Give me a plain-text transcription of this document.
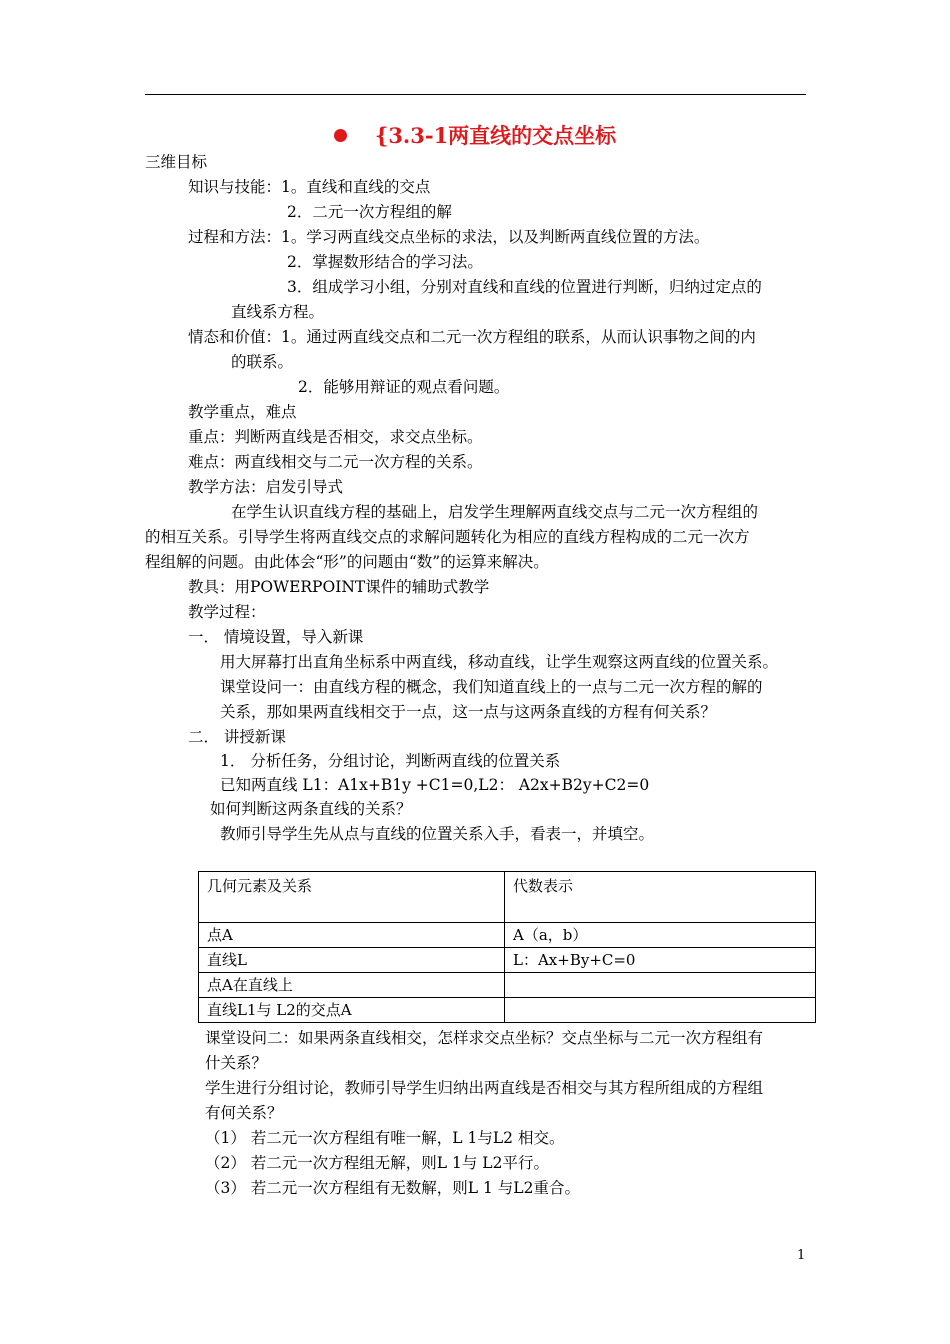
{3.3-1两直线的交点坐标
三维目标
知识与技能：1。直线和直线的交点
2．二元一次方程组的解
过程和方法：1。学习两直线交点坐标的求法，以及判断两直线位置的方法。
2．掌握数形结合的学习法。
3．组成学习小组，分别对直线和直线的位置进行判断，归纳过定点的
直线系方程。
情态和价值：1。通过两直线交点和二元一次方程组的联系，从而认识事物之间的内
的联系。
2．能够用辩证的观点看问题。
教学重点，难点
重点：判断两直线是否相交，求交点坐标。
难点：两直线相交与二元一次方程的关系。
教学方法：启发引导式
在学生认识直线方程的基础上，启发学生理解两直线交点与二元一次方程组的
的相互关系。引导学生将两直线交点的求解问题转化为相应的直线方程构成的二元一次方
程组解的问题。由此体会“形”的问题由“数”的运算来解决。
教具：用POWERPOINT课件的辅助式教学
教学过程：
一． 情境设置，导入新课
用大屏幕打出直角坐标系中两直线，移动直线，让学生观察这两直线的位置关系。
课堂设问一：由直线方程的概念，我们知道直线上的一点与二元一次方程的解的
关系，那如果两直线相交于一点，这一点与这两条直线的方程有何关系？
二． 讲授新课
1． 分析任务，分组讨论，判断两直线的位置关系
已知两直线 L1：A1x+B1y +C1=0,L2： A2x+B2y+C2=0
如何判断这两条直线的关系？
教师引导学生先从点与直线的位置关系入手，看表一，并填空。
几何元素及关系	代数表示
点A	A（a，b）
直线L	L：Ax+By+C=0
点A在直线上	
直线L1与 L2的交点A	
课堂设问二：如果两条直线相交，怎样求交点坐标？交点坐标与二元一次方程组有
什关系？
学生进行分组讨论，教师引导学生归纳出两直线是否相交与其方程所组成的方程组
有何关系？
（1） 若二元一次方程组有唯一解，L 1与L2 相交。
（2） 若二元一次方程组无解，则L 1与 L2平行。
（3） 若二元一次方程组有无数解，则L 1 与L2重合。
1
